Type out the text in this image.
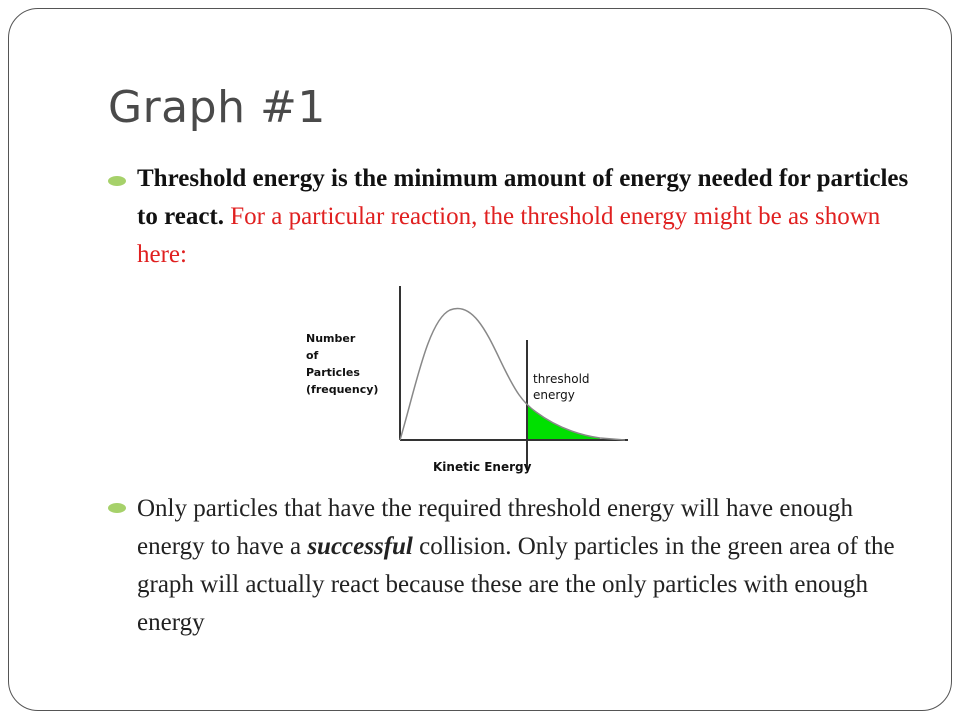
Graph #1
Threshold energy is the minimum amount of energy needed for particles to react. For a particular reaction, the threshold energy might be as shown here:
Number
of
Particles
(frequency)
threshold
energy
Kinetic Energy
Only particles that have the required threshold energy will have enough energy to have a successful collision. Only particles in the green area of the graph will actually react because these are the only particles with enough energy
